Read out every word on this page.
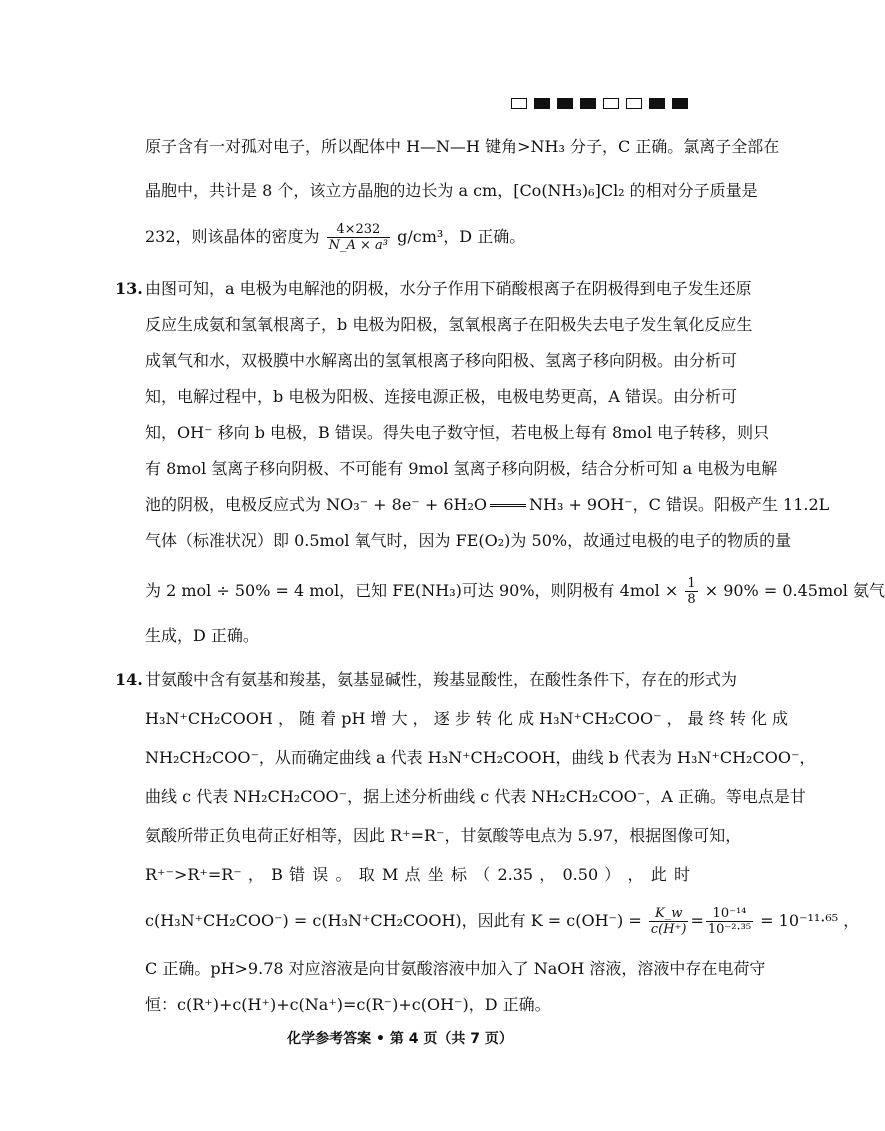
原子含有一对孤对电子，所以配体中 H—N—H 键角>NH₃ 分子，C 正确。氯离子全部在
晶胞中，共计是 8 个，该立方晶胞的边长为 a cm，[Co(NH₃)₆]Cl₂ 的相对分子质量是
232，则该晶体的密度为 $\frac{4\times 232}{\text{N\_A × a³}} g/cm^3$，D 正确。
13. 由图可知，a 电极为电解池的阴极，水分子作用下硝酸根离子在阴极得到电子发生还原
反应生成氨和氢氧根离子，b 电极为阳极，氢氧根离子在阳极失去电子发生氧化反应生
成氧气和水，双极膜中水解离出的氢氧根离子移向阳极、氢离子移向阴极。由分析可
知，电解过程中，b 电极为阳极、连接电源正极，电极电势更高，A 错误。由分析可
知，OH⁻ 移向 b 电极，B 错误。得失电子数守恒，若电极上每有 8mol 电子转移，则只
有 8mol 氢离子移向阴极、不可能有 9mol 氢离子移向阴极，结合分析可知 a 电极为电解
池的阴极，电极反应式为 NO₃⁻ + 8e⁻ + 6H₂O	NH₃ + 9OH⁻，C 错误。阳极产生 11.2L
气体（标准状况）即 0.5mol 氧气时，因为 FE(O₂)为 50%，故通过电极的电子的物质的量
为 2 mol ÷ 50% = 4 mol，已知 FE(NH₃)可达 90%，则阴极有 $4mol \times \frac{1}{8} \times 90\% = 0.45mol$ 氨气
生成，D 正确。
14. 甘氨酸中含有氨基和羧基，氨基显碱性，羧基显酸性，在酸性条件下，存在的形式为
H₃N⁺CH₂COOH ， 随 着 pH 增 大 ， 逐 步 转 化 成 H₃N⁺CH₂COO⁻ ， 最 终 转 化 成
NH₂CH₂COO⁻，从而确定曲线 a 代表 H₃N⁺CH₂COOH，曲线 b 代表为 H₃N⁺CH₂COO⁻，
曲线 c 代表 NH₂CH₂COO⁻，据上述分析曲线 c 代表 NH₂CH₂COO⁻，A 正确。等电点是甘
氨酸所带正负电荷正好相等，因此 R⁺=R⁻，甘氨酸等电点为 5.97，根据图像可知，
R⁺⁻>R⁺=R⁻ ， B 错 误 。 取 M 点 坐 标 （ 2.35 ， 0.50 ） ， 此 时
c(H₃N⁺CH₂COO⁻) = c(H₃N⁺CH₂COOH)，因此有 $K = c(OH^-) = \frac{K\_w}{c(H^+)} = \frac{\text{10⁻¹⁴}}{\text{10⁻²·³⁵}} = 10^{-11}\cdot^{65}$ ，
C 正确。pH>9.78 对应溶液是向甘氨酸溶液中加入了 NaOH 溶液，溶液中存在电荷守
恒：c(R⁺)+c(H⁺)+c(Na⁺)=c(R⁻)+c(OH⁻)，D 正确。
化学参考答案 • 第 4 页（共 7 页）
